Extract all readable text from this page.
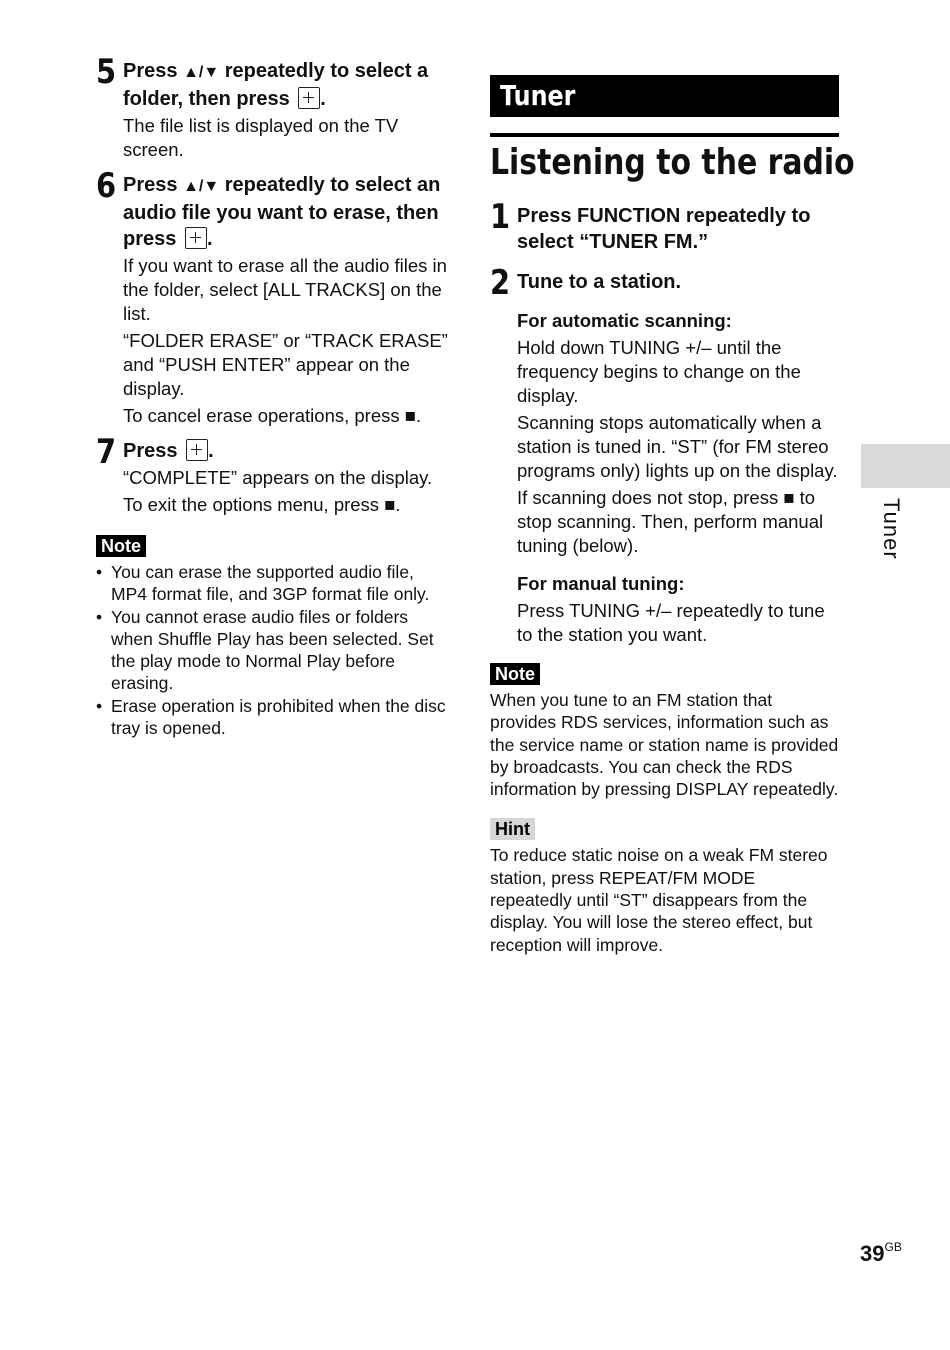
5 Press ▲/▼ repeatedly to select a folder, then press .

The file list is displayed on the TV screen.

6 Press ▲/▼ repeatedly to select an audio file you want to erase, then press .

If you want to erase all the audio files in the folder, select [ALL TRACKS] on the list.

“FOLDER ERASE” or “TRACK ERASE” and “PUSH ENTER” appear on the display.

To cancel erase operations, press ■.

7 Press .

“COMPLETE” appears on the display.

To exit the options menu, press ■.

Note
• You can erase the supported audio file, MP4 format file, and 3GP format file only.
• You cannot erase audio files or folders when Shuffle Play has been selected. Set the play mode to Normal Play before erasing.
• Erase operation is prohibited when the disc tray is opened.
Tuner
Listening to the radio
1 Press FUNCTION repeatedly to select “TUNER FM.”
2 Tune to a station.

For automatic scanning:

Hold down TUNING +/– until the frequency begins to change on the display.

Scanning stops automatically when a station is tuned in. “ST” (for FM stereo programs only) lights up on the display.

If scanning does not stop, press ■ to stop scanning. Then, perform manual tuning (below).

For manual tuning:

Press TUNING +/– repeatedly to tune to the station you want.

Note

When you tune to an FM station that provides RDS services, information such as the service name or station name is provided by broadcasts. You can check the RDS information by pressing DISPLAY repeatedly.

Hint

To reduce static noise on a weak FM stereo station, press REPEAT/FM MODE repeatedly until “ST” disappears from the display. You will lose the stereo effect, but reception will improve.

Tuner
$39^{GB}$
